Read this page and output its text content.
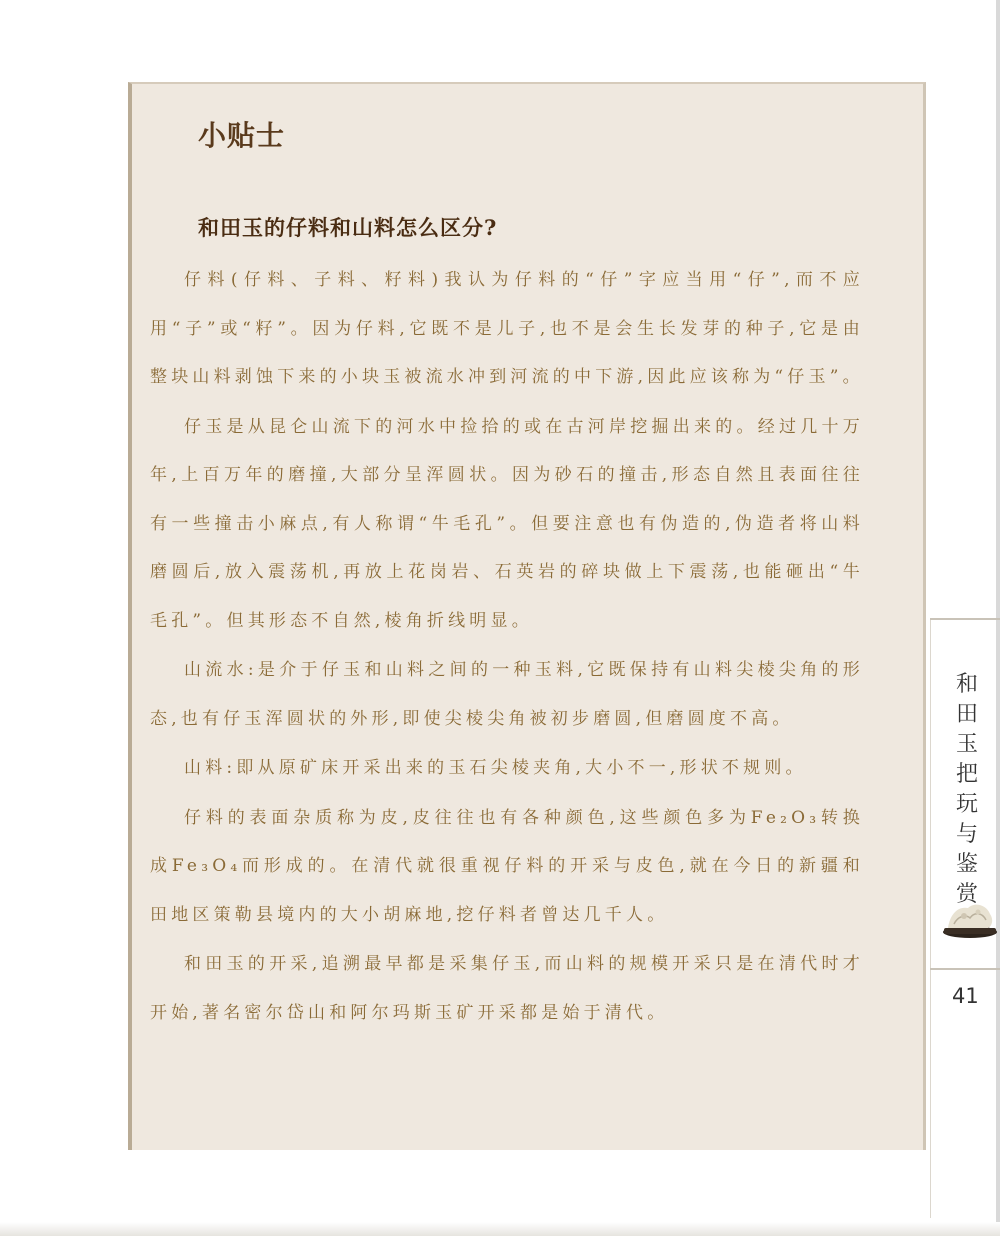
小贴士
和田玉的仔料和山料怎么区分?

仔料(仔料、子料、籽料)我认为仔料的“仔”字应当用“仔”,而不应用“子”或“籽”。因为仔料,它既不是儿子,也不是会生长发芽的种子,它是由整块山料剥蚀下来的小块玉被流水冲到河流的中下游,因此应该称为“仔玉”。

仔玉是从昆仑山流下的河水中捡拾的或在古河岸挖掘出来的。经过几十万年,上百万年的磨撞,大部分呈浑圆状。因为砂石的撞击,形态自然且表面往往有一些撞击小麻点,有人称谓“牛毛孔”。但要注意也有伪造的,伪造者将山料磨圆后,放入震荡机,再放上花岗岩、石英岩的碎块做上下震荡,也能砸出“牛毛孔”。但其形态不自然,棱角折线明显。

山流水:是介于仔玉和山料之间的一种玉料,它既保持有山料尖棱尖角的形态,也有仔玉浑圆状的外形,即使尖棱尖角被初步磨圆,但磨圆度不高。

山料:即从原矿床开采出来的玉石尖棱夹角,大小不一,形状不规则。

仔料的表面杂质称为皮,皮往往也有各种颜色,这些颜色多为Fe₂O₃转换成Fe₃O₄而形成的。在清代就很重视仔料的开采与皮色,就在今日的新疆和田地区策勒县境内的大小胡麻地,挖仔料者曾达几千人。

和田玉的开采,追溯最早都是采集仔玉,而山料的规模开采只是在清代时才开始,著名密尔岱山和阿尔玛斯玉矿开采都是始于清代。

和田玉把玩与鉴赏
41
